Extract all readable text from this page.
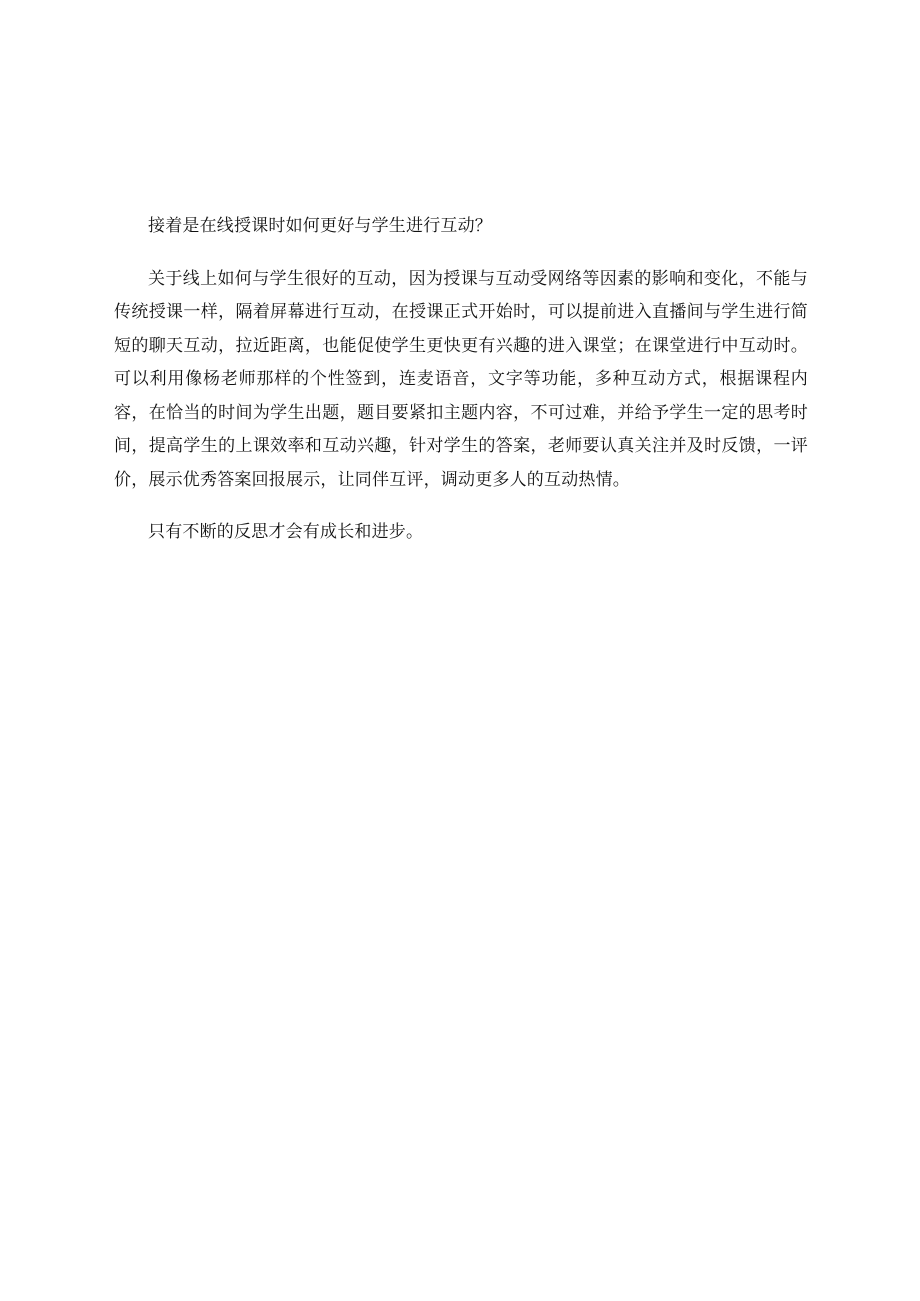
接着是在线授课时如何更好与学生进行互动？

关于线上如何与学生很好的互动，因为授课与互动受网络等因素的影响和变化，不能与传统授课一样，隔着屏幕进行互动，在授课正式开始时，可以提前进入直播间与学生进行简短的聊天互动，拉近距离，也能促使学生更快更有兴趣的进入课堂；在课堂进行中互动时。可以利用像杨老师那样的个性签到，连麦语音，文字等功能，多种互动方式，根据课程内容，在恰当的时间为学生出题，题目要紧扣主题内容，不可过难，并给予学生一定的思考时间，提高学生的上课效率和互动兴趣，针对学生的答案，老师要认真关注并及时反馈，一评价，展示优秀答案回报展示，让同伴互评，调动更多人的互动热情。

只有不断的反思才会有成长和进步。
